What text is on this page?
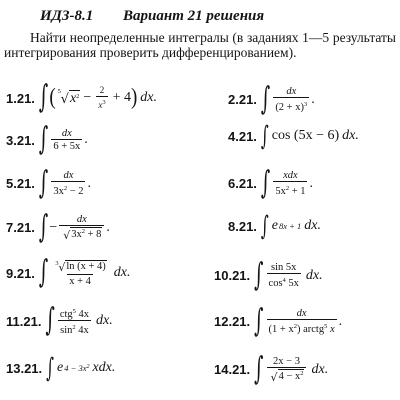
ИДЗ-8.1 Вариант 21 решения

Найти неопределенные интегралы (в заданиях 1—5 результаты интегрирования проверить дифференцированием).

1.21. ∫ ( 5
√ $x^2 - \frac{2}{x^3} + 4$ ) dx.	2.21. ∫ $\frac{dx}{(2 + x)^3}$ .
3.21. ∫ $\frac{dx}{6 + 5x}$ .	4.21. ∫ cos (5x − 6) dx.
5.21. ∫ $\frac{dx}{3x^2 - 2}$ .	6.21. ∫ $\frac{\text{xdx}}{5x^2 + 1}$ .
7.21. ∫ − $\frac{dx}{√ 3x^2 + 8}$ .	8.21. ∫ e 8x + 1 dx.
9.21. ∫ $\frac{3 √ \ln (x + 4)}{x + 4}$ dx.	10.21. ∫ $\frac{\sin 5x}{\cos^4 5x}$ dx.
11.21. ∫ $\frac{ctg^5 4x}{\sin^2 4x}$ dx.	12.21. ∫ $\frac{dx}{(1 + x^2) arctg^5 x}$ .
13.21. ∫ e $4 - 3x^2$ xdx.	14.21. ∫ $\frac{2x - 3}{√ 4 - x^2}$ dx.
